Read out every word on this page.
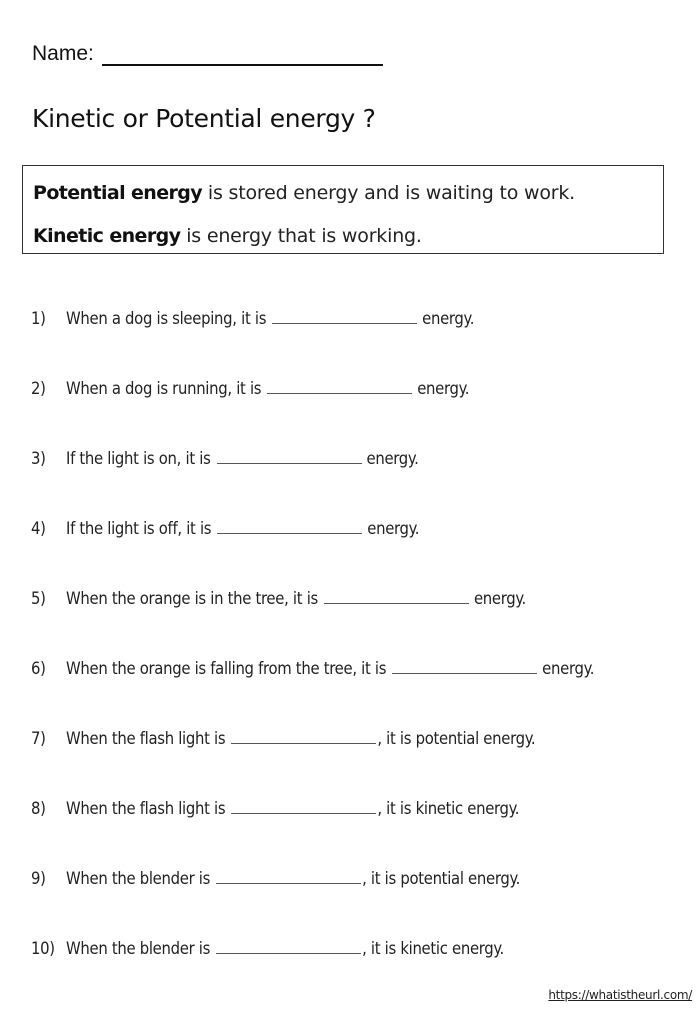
Name:
Kinetic or Potential energy ?
Potential energy is stored energy and is waiting to work.
Kinetic energy is energy that is working.
1)	When a dog is sleeping, it is	energy.
2)	When a dog is running, it is	energy.
3)	If the light is on, it is	energy.
4)	If the light is off, it is	energy.
5)	When the orange is in the tree, it is	energy.
6)	When the orange is falling from the tree, it is	energy.
7)	When the flash light is	, it is potential energy.
8)	When the flash light is	, it is kinetic energy.
9)	When the blender is	, it is potential energy.
10) When the blender is	, it is kinetic energy.
https://whatistheurl.com/
